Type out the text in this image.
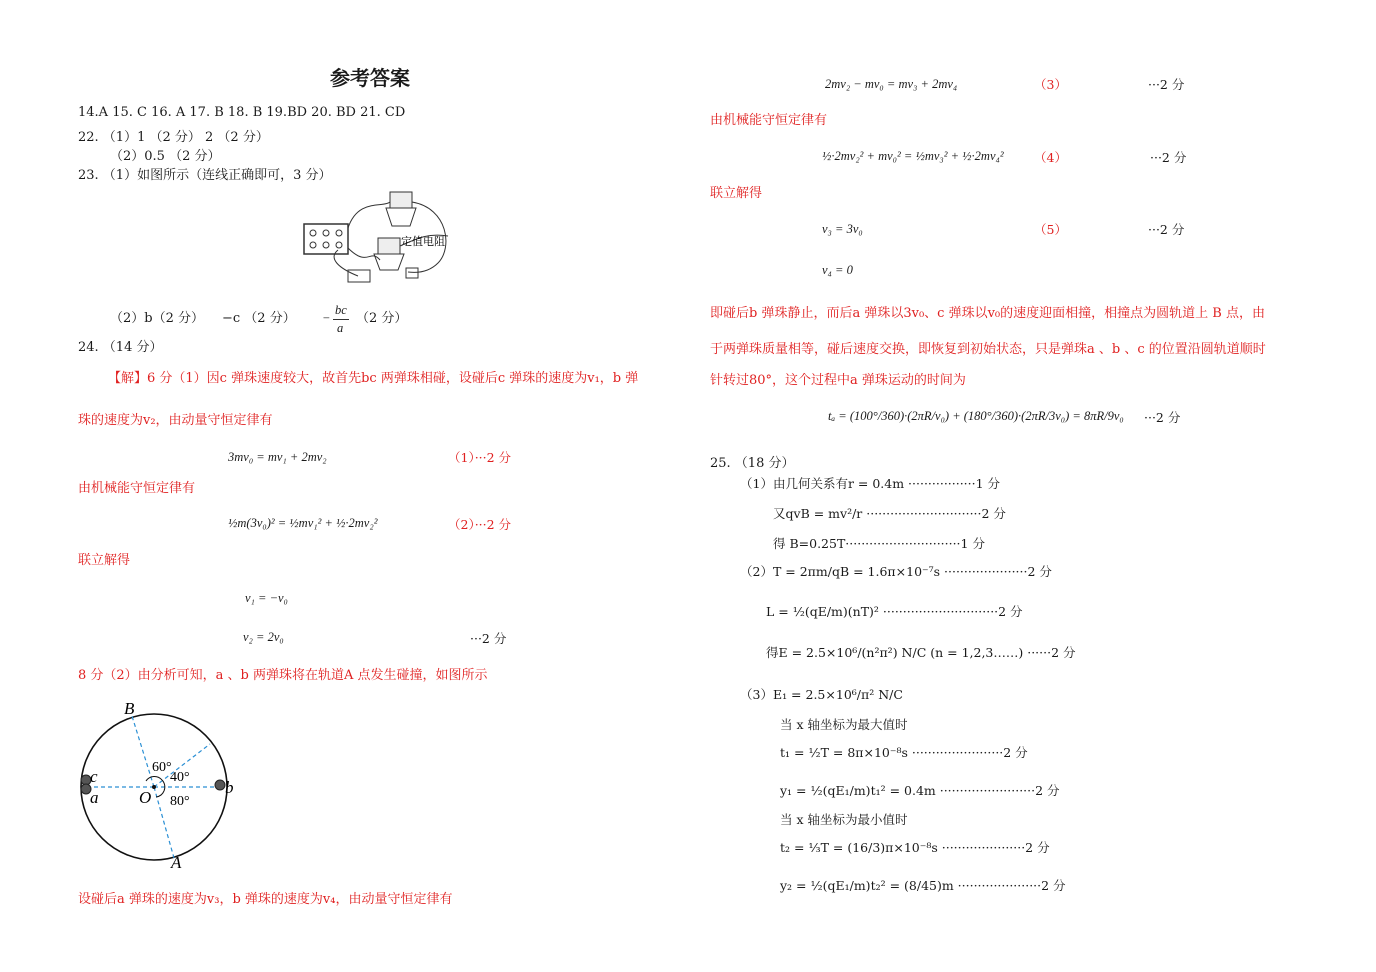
参考答案
14.A 15. C 16. A 17. B 18. B 19.BD 20. BD 21. CD
22. （1）1 （2 分） 2 （2 分）
（2）0.5 （2 分）
23. （1）如图所示（连线正确即可，3 分）
定值电阻
（2）b（2 分） −c （2 分） −
bc
a
（2 分）
24. （14 分）
【解】6 分（1）因c 弹珠速度较大，故首先bc 两弹珠相碰，设碰后c 弹珠的速度为v₁，b 弹
珠的速度为v₂，由动量守恒定律有
3mv₀ = mv₁ + 2mv₂	（1）···2 分
由机械能守恒定律有
½m(3v₀)² = ½mv₁² + ½·2mv₂²	（2）···2 分
联立解得
v₁ = −v₀
v₂ = 2v₀	···2 分
8 分（2）由分析可知，a 、b 两弹珠将在轨道A 点发生碰撞，如图所示
B
A
O
c
a
b
60°
40°
80°
设碰后a 弹珠的速度为v₃，b 弹珠的速度为v₄，由动量守恒定律有
2mv₂ − mv₀ = mv₃ + 2mv₄	（3）	···2 分
由机械能守恒定律有
½·2mv₂² + mv₀² = ½mv₃² + ½·2mv₄² （4）	···2 分
联立解得
v₃ = 3v₀	（5）	···2 分
v₄ = 0
即碰后b 弹珠静止，而后a 弹珠以3v₀、c 弹珠以v₀的速度迎面相撞，相撞点为圆轨道上 B 点，由
于两弹珠质量相等，碰后速度交换，即恢复到初始状态，只是弹珠a 、b 、c 的位置沿圆轨道顺时
针转过80°，这个过程中a 弹珠运动的时间为
tₐ = (100°/360)·(2πR/v₀) + (180°/360)·(2πR/3v₀) = 8πR/9v₀ ···2 分
25. （18 分）
（1）由几何关系有r = 0.4m ·················1 分
又qvB = mv²/r ·····························2 分
得 B=0.25T·····························1 分
（2）T = 2πm/qB = 1.6π×10⁻⁷s ·····················2 分
L = ½(qE/m)(nT)² ·····························2 分
得E = 2.5×10⁶/(n²π²) N/C (n = 1,2,3……) ······2 分
（3）E₁ = 2.5×10⁶/π² N/C
当 x 轴坐标为最大值时
t₁ = ½T = 8π×10⁻⁸s ·······················2 分
y₁ = ½(qE₁/m)t₁² = 0.4m ························2 分
当 x 轴坐标为最小值时
t₂ = ⅓T = (16/3)π×10⁻⁸s ·····················2 分
y₂ = ½(qE₁/m)t₂² = (8/45)m ·····················2 分
